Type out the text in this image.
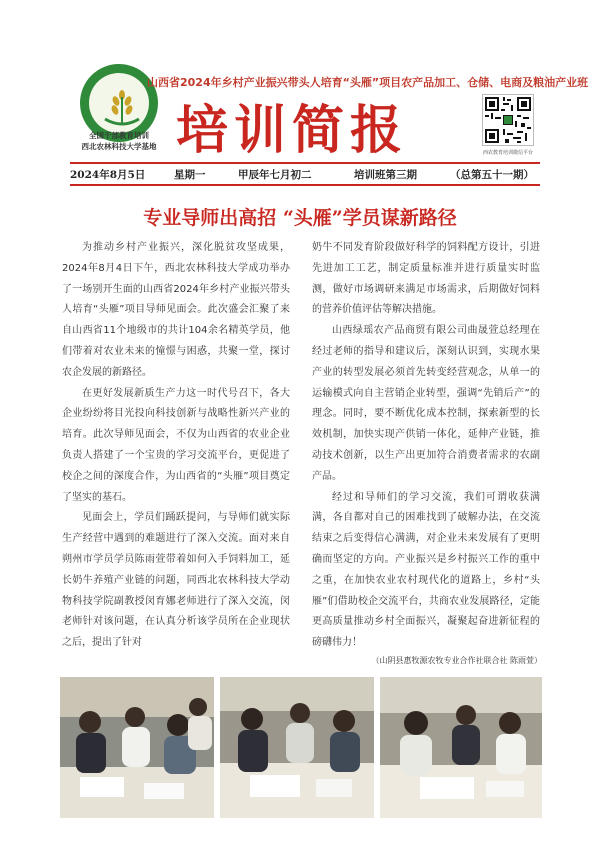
全国干部教育培训
西北农林科技大学基地
山西省2024年乡村产业振兴带头人培育“头雁”项目农产品加工、仓储、电商及粮油产业班
培训简报	西农教育培训微信平台
2024年8月5日	星期一	甲辰年七月初二	培训班第三期	（总第五十一期）
专业导师出高招 “头雁”学员谋新路径

为推动乡村产业振兴，深化脱贫攻坚成果，2024年8月4日下午，西北农林科技大学成功举办了一场别开生面的山西省2024年乡村产业振兴带头人培育“头雁”项目导师见面会。此次盛会汇聚了来自山西省11个地级市的共计104余名精英学员，他们带着对农业未来的憧憬与困惑，共聚一堂，探讨农企发展的新路径。

在更好发展新质生产力这一时代号召下，各大企业纷纷将目光投向科技创新与战略性新兴产业的培育。此次导师见面会，不仅为山西省的农业企业负责人搭建了一个宝贵的学习交流平台，更促进了校企之间的深度合作，为山西省的“头雁”项目奠定了坚实的基石。

见面会上，学员们踊跃提问，与导师们就实际生产经营中遇到的难题进行了深入交流。面对来自朔州市学员学员陈雨萱带着如何入手饲料加工，延长奶牛养殖产业链的问题，同西北农林科技大学动物科技学院副教授闵育娜老师进行了深入交流，闵老师针对该问题，在认真分析该学员所在企业现状之后，提出了针对

奶牛不同发育阶段做好科学的饲料配方设计，引进先进加工工艺，制定质量标准并进行质量实时监测，做好市场调研来满足市场需求，后期做好饲料的营养价值评估等解决措施。

山西绿瑶农产品商贸有限公司曲晟萱总经理在经过老师的指导和建议后，深刻认识到，实现水果产业的转型发展必须首先转变经营观念，从单一的运输模式向自主营销企业转型，强调“先销后产”的理念。同时，要不断优化成本控制，探索新型的长效机制，加快实现产供销一体化，延伸产业链，推动技术创新，以生产出更加符合消费者需求的农副产品。

经过和导师们的学习交流，我们可谓收获满满，各自都对自己的困难找到了破解办法，在交流结束之后变得信心满满，对企业未来发展有了更明确而坚定的方向。产业振兴是乡村振兴工作的重中之重，在加快农业农村现代化的道路上，乡村“头雁”们借助校企交流平台，共商农业发展路径，定能更高质量推动乡村全面振兴，凝聚起奋进新征程的磅礴伟力！

（山阴县惠牧源农牧专业合作社联合社 陈雨萱）
